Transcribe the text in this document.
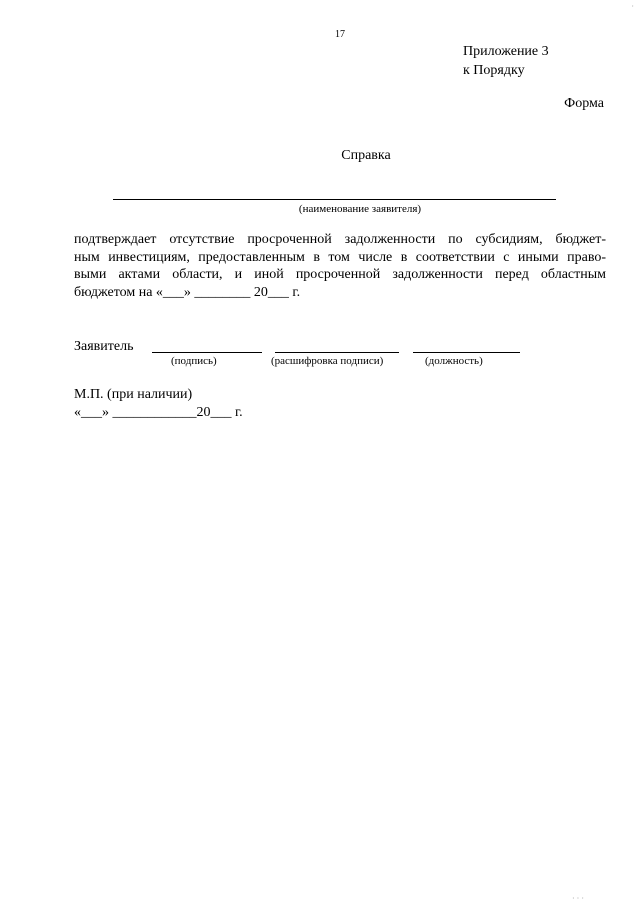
17
Приложение 3
к Порядку
Форма
Справка
(наименование заявителя)
подтверждает отсутствие просроченной задолженности по субсидиям, бюджет-
ным инвестициям, предоставленным в том числе в соответствии с иными право-
выми актами области, и иной просроченной задолженности перед областным
бюджетом на «___» ________ 20___ г.
Заявитель
(подпись)	(расшифровка подписи)	(должность)
М.П. (при наличии)
«___» ____________20___ г.
·
· · ·
